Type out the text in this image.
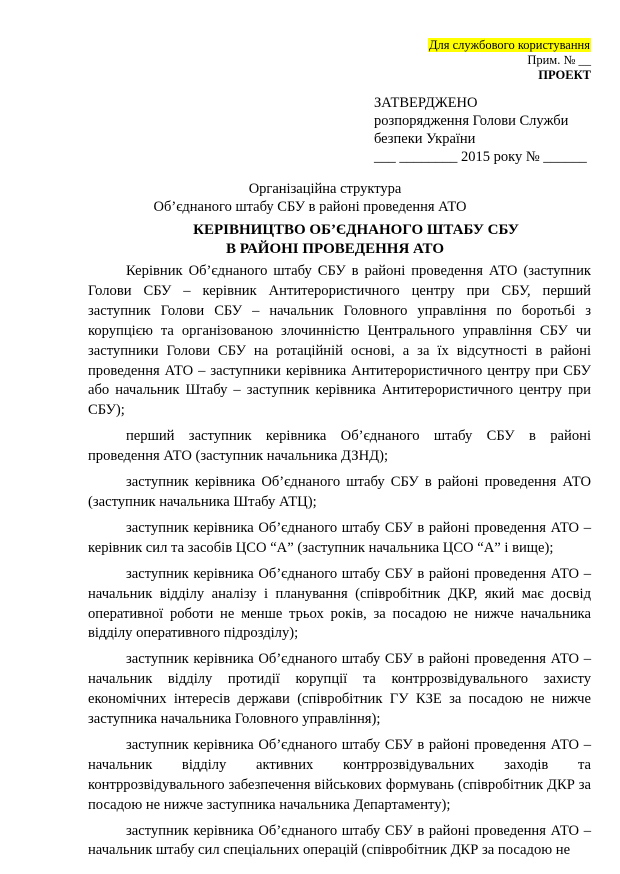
Для службового користування
Прим. № __
ПРОЕКТ
ЗАТВЕРДЖЕНО
розпорядження Голови Служби
безпеки України
___ ________ 2015 року № ______
Організаційна структура
Об’єднаного штабу СБУ в районі проведення АТО
КЕРІВНИЦТВО ОБ’ЄДНАНОГО ШТАБУ СБУ
В РАЙОНІ ПРОВЕДЕННЯ АТО

Керівник Об’єднаного штабу СБУ в районі проведення АТО (заступник Голови СБУ – керівник Антитерористичного центру при СБУ, перший заступник Голови СБУ – начальник Головного управління по боротьбі з корупцією та організованою злочинністю Центрального управління СБУ чи заступники Голови СБУ на ротаційній основі, а за їх відсутності в районі проведення АТО – заступники керівника Антитерористичного центру при СБУ або начальник Штабу – заступник керівника Антитерористичного центру при СБУ);

перший заступник керівника Об’єднаного штабу СБУ в районі проведення АТО (заступник начальника ДЗНД);

заступник керівника Об’єднаного штабу СБУ в районі проведення АТО (заступник начальника Штабу АТЦ);

заступник керівника Об’єднаного штабу СБУ в районі проведення АТО – керівник сил та засобів ЦСО “А” (заступник начальника ЦСО “А” і вище);

заступник керівника Об’єднаного штабу СБУ в районі проведення АТО – начальник відділу аналізу і планування (співробітник ДКР, який має досвід оперативної роботи не менше трьох років, за посадою не нижче начальника відділу оперативного підрозділу);

заступник керівника Об’єднаного штабу СБУ в районі проведення АТО – начальник відділу протидії корупції та контррозвідувального захисту економічних інтересів держави (співробітник ГУ КЗЕ за посадою не нижче заступника начальника Головного управління);

заступник керівника Об’єднаного штабу СБУ в районі проведення АТО – начальник відділу активних контррозвідувальних заходів та контррозвідувального забезпечення військових формувань (співробітник ДКР за посадою не нижче заступника начальника Департаменту);

заступник керівника Об’єднаного штабу СБУ в районі проведення АТО – начальник штабу сил спеціальних операцій (співробітник ДКР за посадою не
